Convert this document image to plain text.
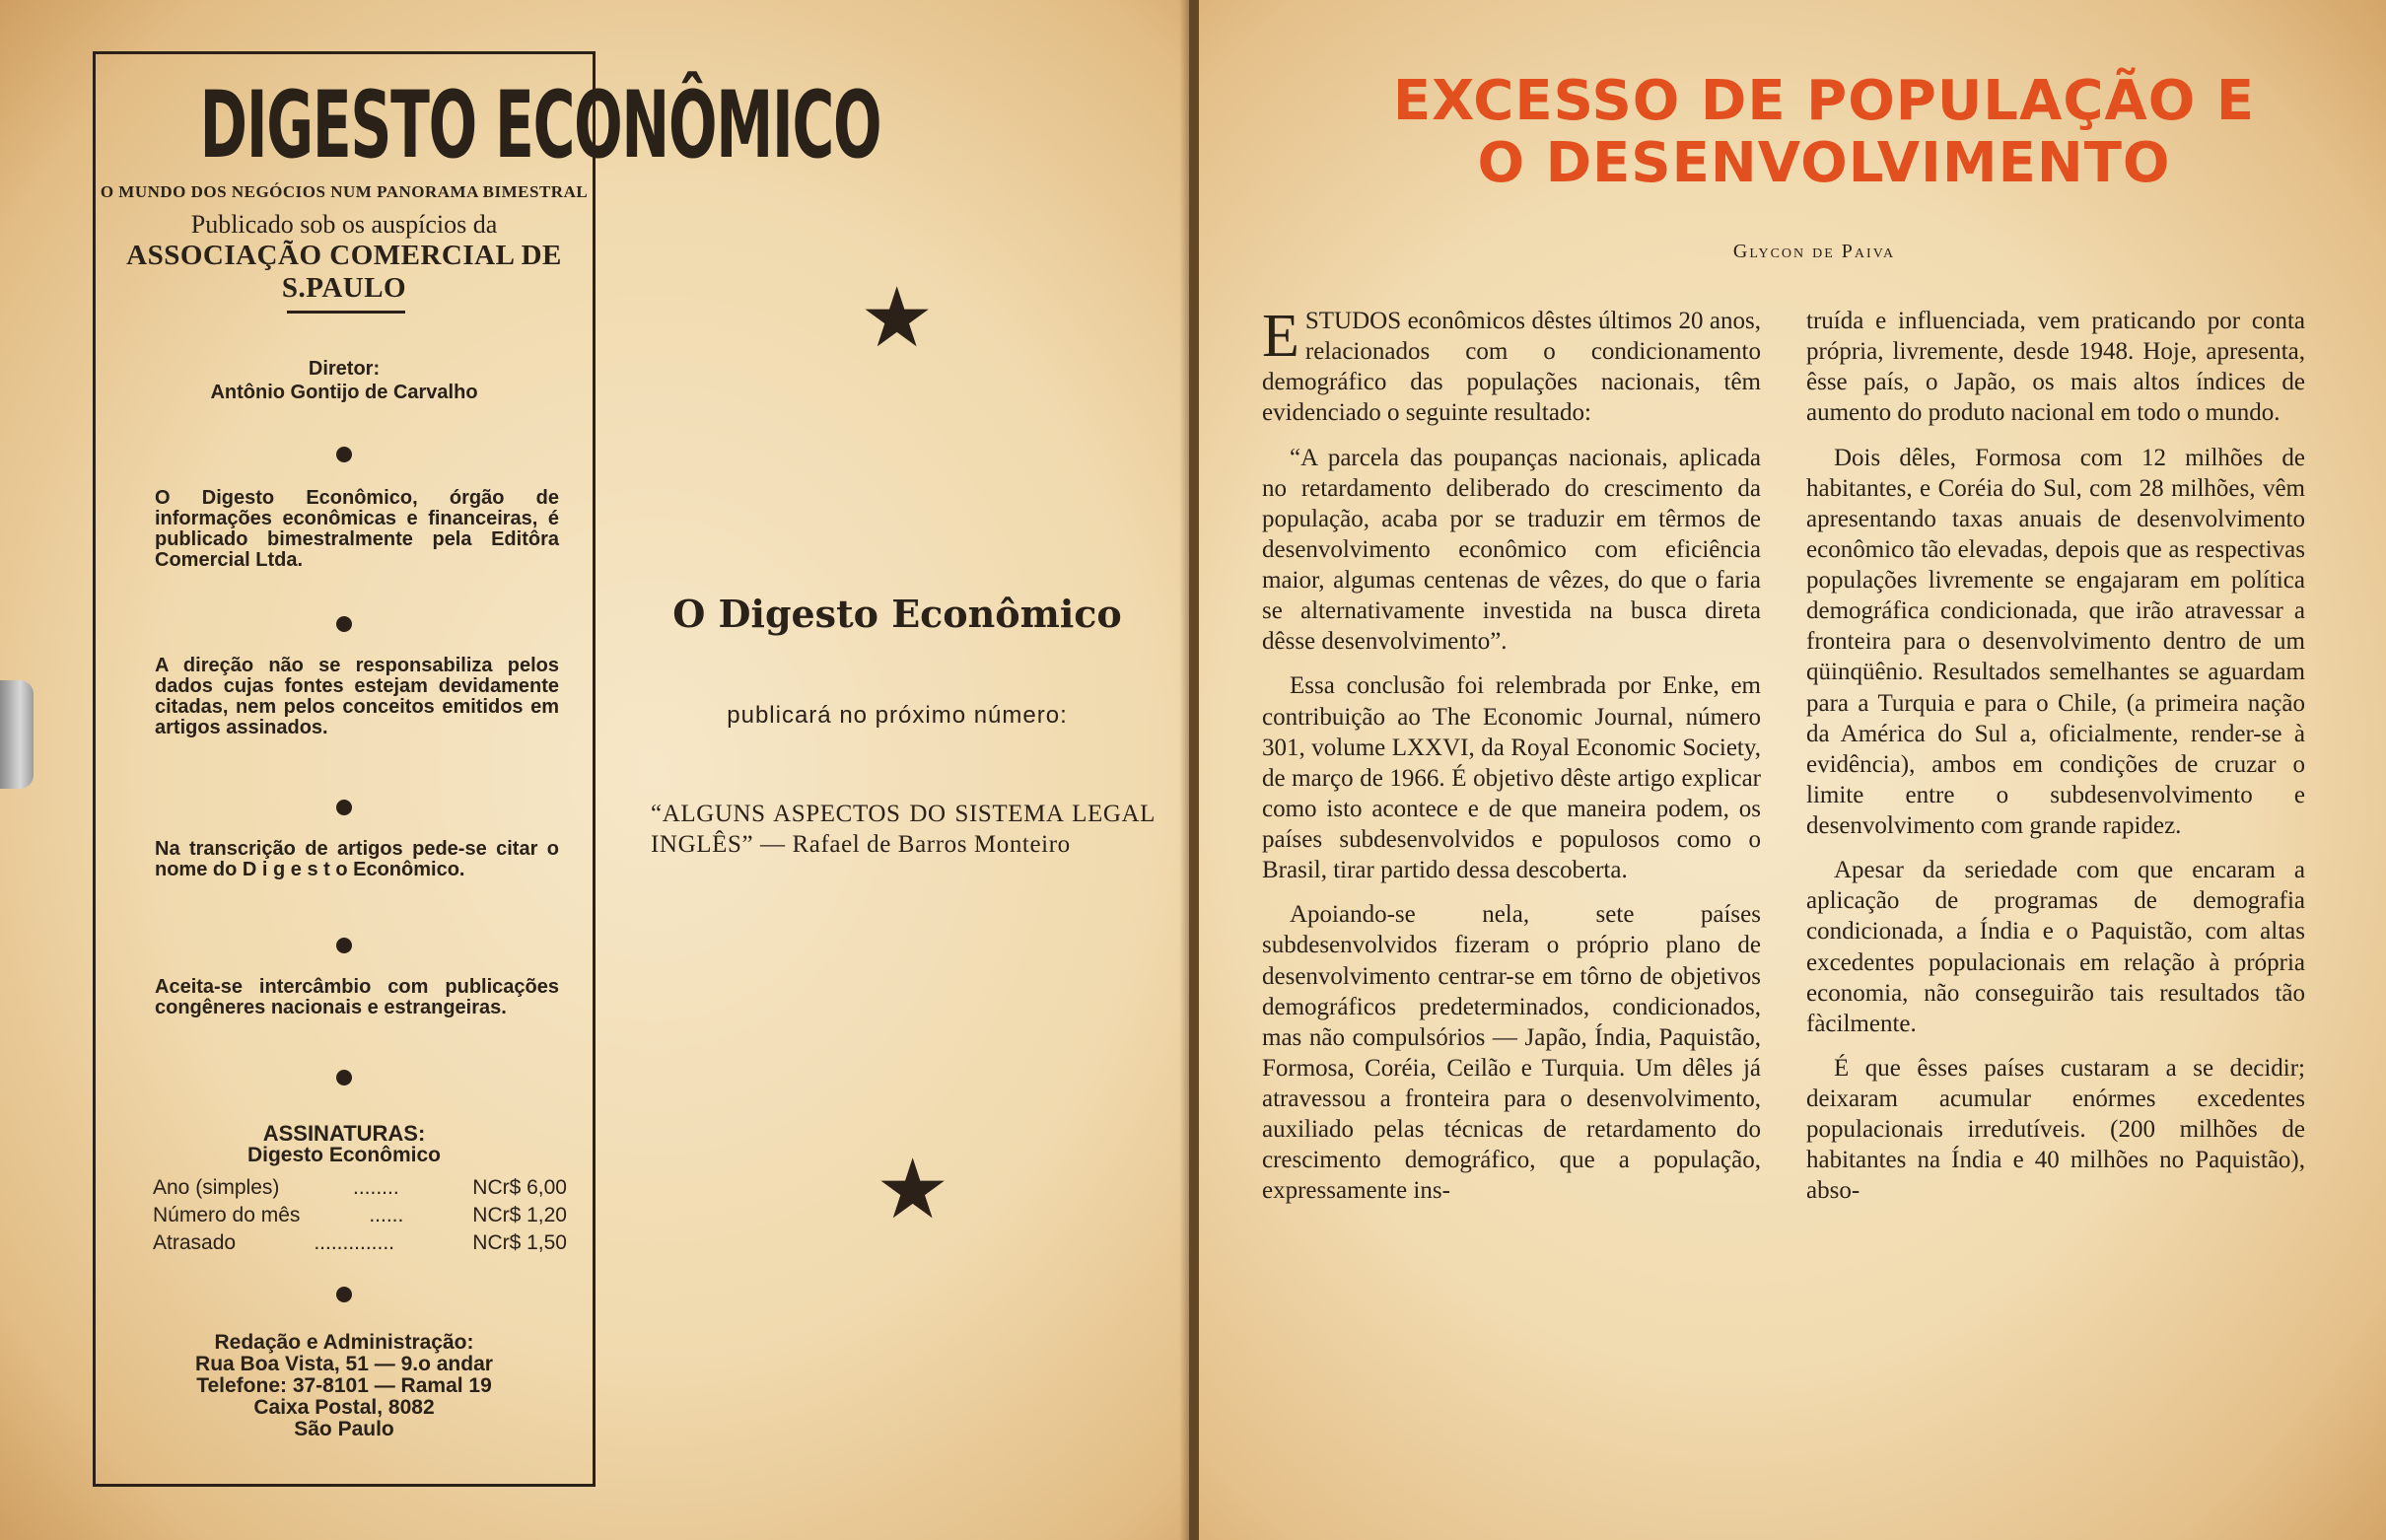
DIGESTO ECONÔMICO
O MUNDO DOS NEGÓCIOS NUM PANORAMA BIMESTRAL
Publicado sob os auspícios da
ASSOCIAÇÃO COMERCIAL DE S.PAULO
Diretor:
Antônio Gontijo de Carvalho
O Digesto Econômico, órgão de informações econômicas e financeiras, é publicado bimestralmente pela Editôra Comercial Ltda.
A direção não se responsabiliza pelos dados cujas fontes estejam devidamente citadas, nem pelos conceitos emitidos em artigos assinados.
Na transcrição de artigos pede-se citar o nome do D i g e s t o Econômico.
Aceita-se intercâmbio com publicações congêneres nacionais e estrangeiras.
ASSINATURAS:
Digesto Econômico
Ano (simples)	........	NCr$ 6,00
Número do mês	......	NCr$ 1,20
Atrasado	..............	NCr$ 1,50
Redação e Administração:
Rua Boa Vista, 51 — 9.o andar
Telefone: 37-8101 — Ramal 19
Caixa Postal, 8082
São Paulo
★
O Digesto Econômico
publicará no próximo número:
“ALGUNS ASPECTOS DO SISTEMA LEGAL INGLÊS” — Rafael de Barros Monteiro
★
EXCESSO DE POPULAÇÃO E
O DESENVOLVIMENTO
Glycon de Paiva

ESTUDOS econômicos dêstes últimos 20 anos, relacionados com o condicionamento demográfico das populações nacionais, têm evidenciado o seguinte resultado:

“A parcela das poupanças nacionais, aplicada no retardamento deliberado do crescimento da população, acaba por se traduzir em têrmos de desenvolvimento econômico com eficiência maior, algumas centenas de vêzes, do que o faria se alternativamente investida na busca direta dêsse desenvolvimento”.

Essa conclusão foi relembrada por Enke, em contribuição ao The Economic Journal, número 301, volume LXXVI, da Royal Economic Society, de março de 1966. É objetivo dêste artigo explicar como isto acontece e de que maneira podem, os países subdesenvolvidos e populosos como o Brasil, tirar partido dessa descoberta.

Apoiando-se nela, sete países subdesenvolvidos fizeram o próprio plano de desenvolvimento centrar-se em tôrno de objetivos demográficos predeterminados, condicionados, mas não compulsórios — Japão, Índia, Paquistão, Formosa, Coréia, Ceilão e Turquia. Um dêles já atravessou a fronteira para o desenvolvimento, auxiliado pelas técnicas de retardamento do crescimento demográfico, que a população, expressamente ins-

truída e influenciada, vem praticando por conta própria, livremente, desde 1948. Hoje, apresenta, êsse país, o Japão, os mais altos índices de aumento do produto nacional em todo o mundo.

Dois dêles, Formosa com 12 milhões de habitantes, e Coréia do Sul, com 28 milhões, vêm apresentando taxas anuais de desenvolvimento econômico tão elevadas, depois que as respectivas populações livremente se engajaram em política demográfica condicionada, que irão atravessar a fronteira para o desenvolvimento dentro de um qüinqüênio. Resultados semelhantes se aguardam para a Turquia e para o Chile, (a primeira nação da América do Sul a, oficialmente, render-se à evidência), ambos em condições de cruzar o limite entre o subdesenvolvimento e desenvolvimento com grande rapidez.

Apesar da seriedade com que encaram a aplicação de programas de demografia condicionada, a Índia e o Paquistão, com altas excedentes populacionais em relação à própria economia, não conseguirão tais resultados tão fàcilmente.

É que êsses países custaram a se decidir; deixaram acumular enórmes excedentes populacionais irredutíveis. (200 milhões de habitantes na Índia e 40 milhões no Paquistão), abso-
